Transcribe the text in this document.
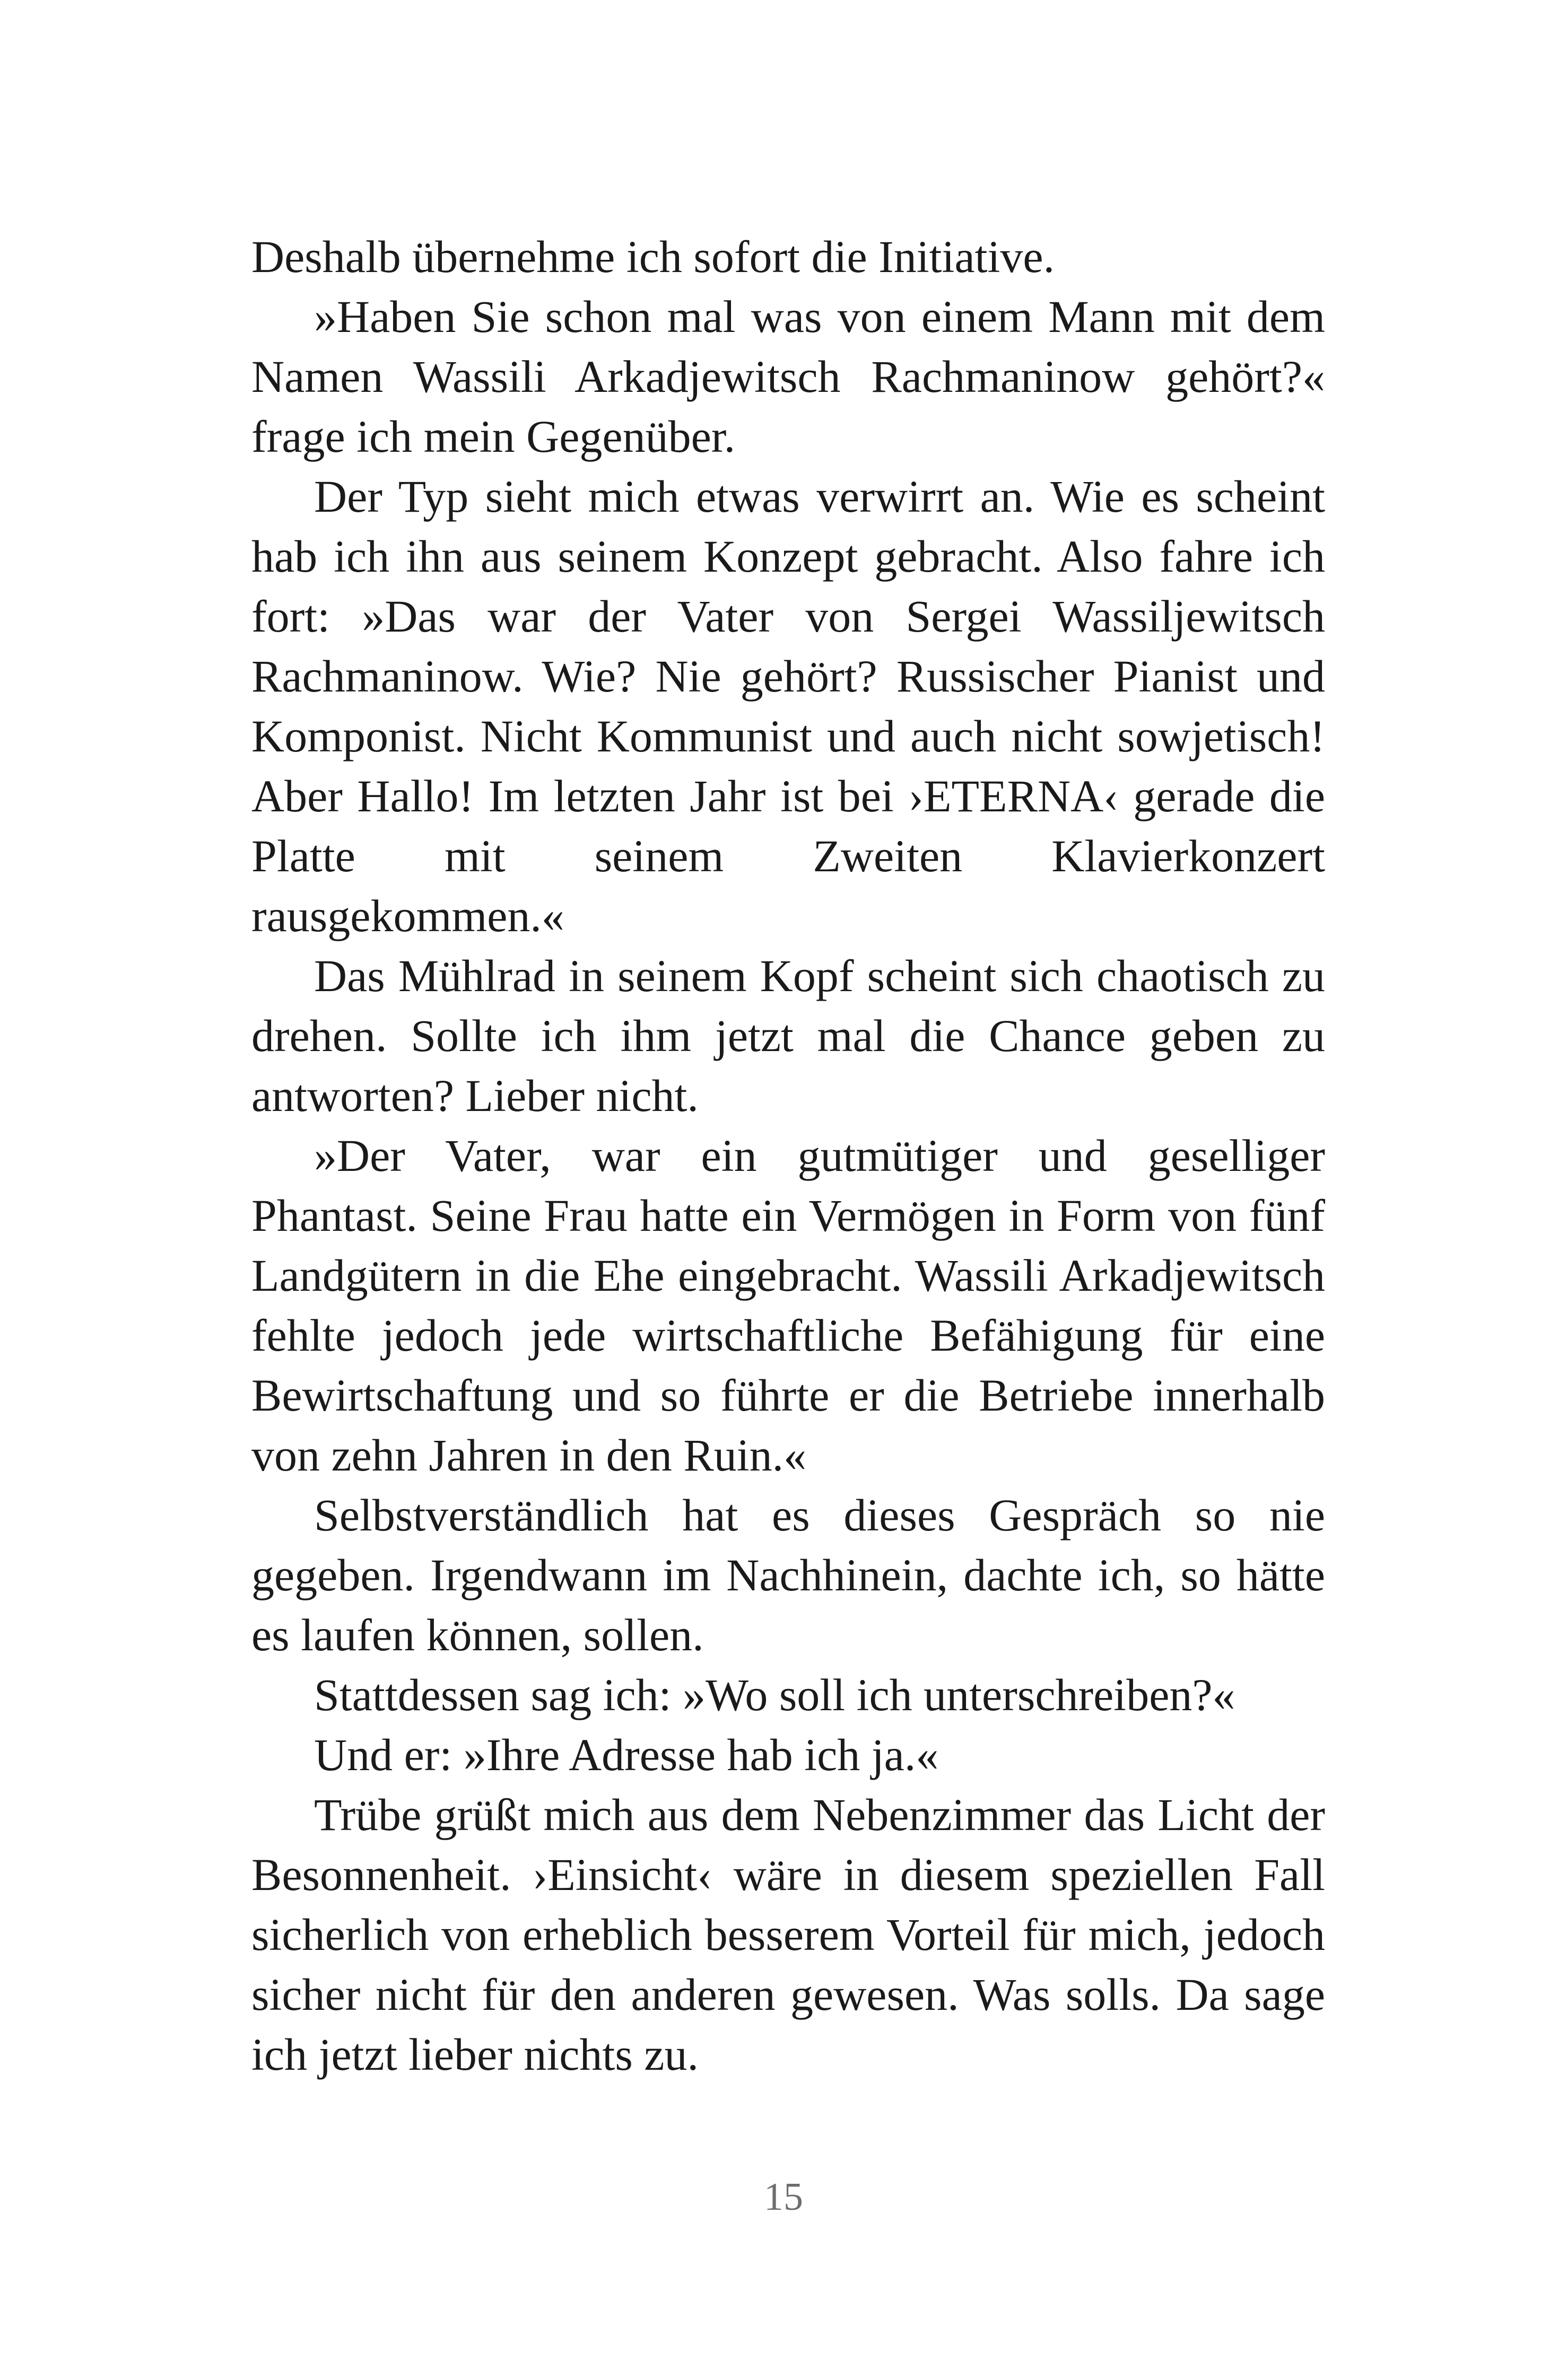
Deshalb übernehme ich sofort die Initiative.

»Haben Sie schon mal was von einem Mann mit dem Namen Wassili Arkadjewitsch Rachmaninow gehört?« frage ich mein Gegenüber.

Der Typ sieht mich etwas verwirrt an. Wie es scheint hab ich ihn aus seinem Konzept gebracht. Also fahre ich fort: »Das war der Vater von Sergei Wassiljewitsch Rachmaninow. Wie? Nie gehört? Russischer Pianist und Komponist. Nicht Kommunist und auch nicht sowjetisch! Aber Hallo! Im letzten Jahr ist bei ›ETERNA‹ gerade die Platte mit seinem Zweiten Klavierkonzert rausgekommen.«

Das Mühlrad in seinem Kopf scheint sich chaotisch zu drehen. Sollte ich ihm jetzt mal die Chance geben zu antworten? Lieber nicht.

»Der Vater, war ein gutmütiger und geselliger Phantast. Seine Frau hatte ein Vermögen in Form von fünf Landgütern in die Ehe eingebracht. Wassili Arkadjewitsch fehlte jedoch jede wirtschaftliche Befähigung für eine Bewirtschaftung und so führte er die Betriebe innerhalb von zehn Jahren in den Ruin.«

Selbstverständlich hat es dieses Gespräch so nie gegeben. Irgendwann im Nachhinein, dachte ich, so hätte es laufen können, sollen.

Stattdessen sag ich: »Wo soll ich unterschreiben?«

Und er: »Ihre Adresse hab ich ja.«

Trübe grüßt mich aus dem Nebenzimmer das Licht der Besonnenheit. ›Einsicht‹ wäre in diesem speziellen Fall sicherlich von erheblich besserem Vorteil für mich, jedoch sicher nicht für den anderen gewesen. Was solls. Da sage ich jetzt lieber nichts zu.

15
